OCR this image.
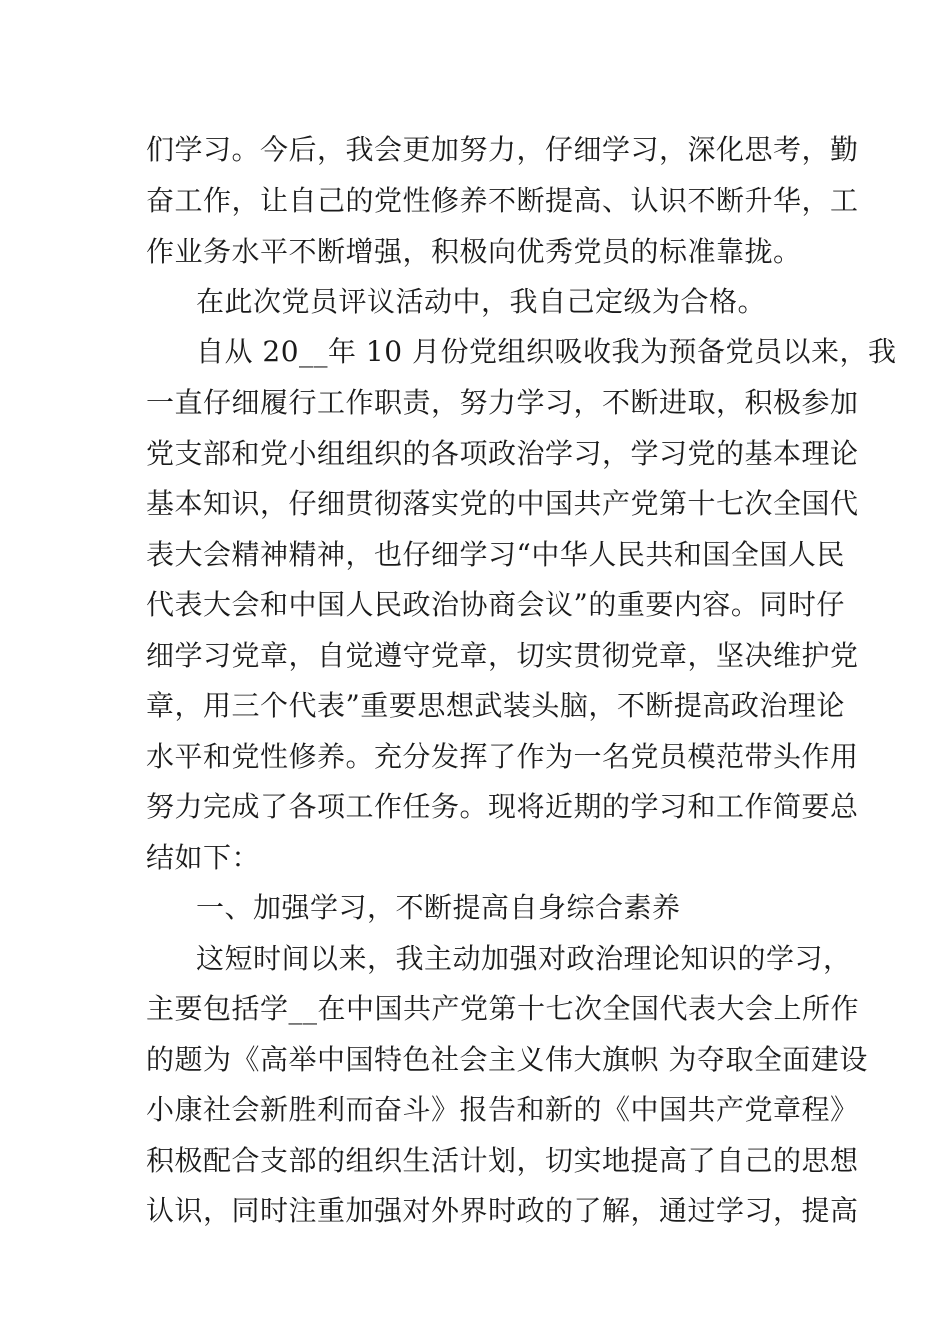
们学习。今后，我会更加努力，仔细学习，深化思考，勤
奋工作，让自己的党性修养不断提高、认识不断升华，工
作业务水平不断增强，积极向优秀党员的标准靠拢。
在此次党员评议活动中，我自己定级为合格。
自从 20__年 10 月份党组织吸收我为预备党员以来，我
一直仔细履行工作职责，努力学习，不断进取，积极参加
党支部和党小组组织的各项政治学习，学习党的基本理论
基本知识，仔细贯彻落实党的中国共产党第十七次全国代
表大会精神精神，也仔细学习“中华人民共和国全国人民
代表大会和中国人民政治协商会议”的重要内容。同时仔
细学习党章，自觉遵守党章，切实贯彻党章，坚决维护党
章，用三个代表”重要思想武装头脑，不断提高政治理论
水平和党性修养。充分发挥了作为一名党员模范带头作用
努力完成了各项工作任务。现将近期的学习和工作简要总
结如下：
一、加强学习，不断提高自身综合素养
这短时间以来，我主动加强对政治理论知识的学习，
主要包括学__在中国共产党第十七次全国代表大会上所作
的题为《高举中国特色社会主义伟大旗帜 为夺取全面建设
小康社会新胜利而奋斗》报告和新的《中国共产党章程》
积极配合支部的组织生活计划，切实地提高了自己的思想
认识，同时注重加强对外界时政的了解，通过学习，提高
